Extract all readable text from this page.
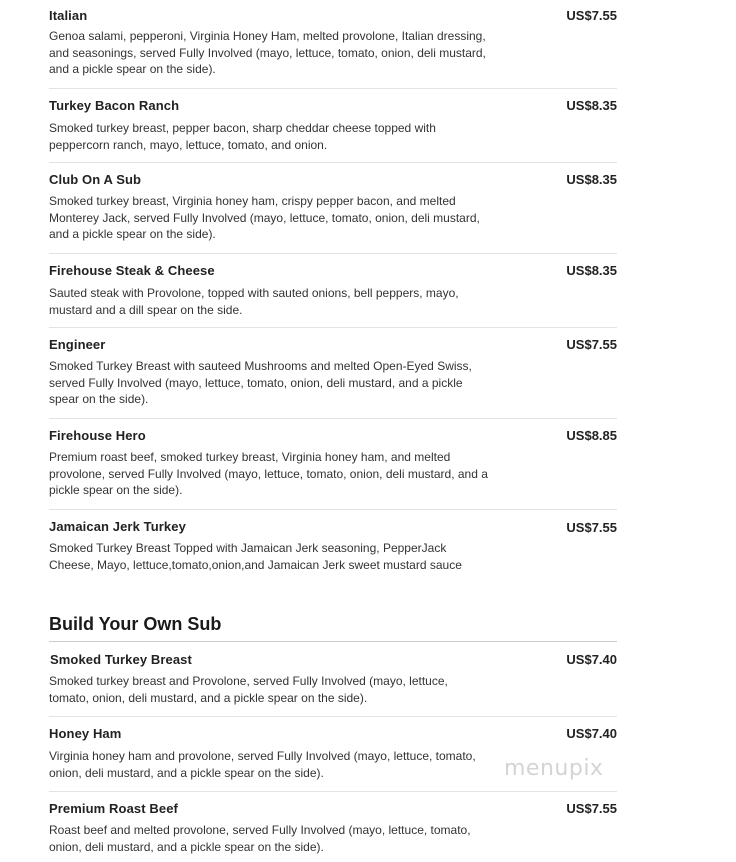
Italian	US$7.55

Genoa salami, pepperoni, Virginia Honey Ham, melted provolone, Italian dressing, and seasonings, served Fully Involved (mayo, lettuce, tomato, onion, deli mustard, and a pickle spear on the side).

Turkey Bacon Ranch	US$8.35

Smoked turkey breast, pepper bacon, sharp cheddar cheese topped with peppercorn ranch, mayo, lettuce, tomato, and onion.

Club On A Sub	US$8.35

Smoked turkey breast, Virginia honey ham, crispy pepper bacon, and melted Monterey Jack, served Fully Involved (mayo, lettuce, tomato, onion, deli mustard, and a pickle spear on the side).

Firehouse Steak & Cheese	US$8.35

Sauted steak with Provolone, topped with sauted onions, bell peppers, mayo, mustard and a dill spear on the side.

Engineer	US$7.55

Smoked Turkey Breast with sauteed Mushrooms and melted Open-Eyed Swiss, served Fully Involved (mayo, lettuce, tomato, onion, deli mustard, and a pickle spear on the side).

Firehouse Hero	US$8.85

Premium roast beef, smoked turkey breast, Virginia honey ham, and melted provolone, served Fully Involved (mayo, lettuce, tomato, onion, deli mustard, and a pickle spear on the side).

Jamaican Jerk Turkey	US$7.55

Smoked Turkey Breast Topped with Jamaican Jerk seasoning, PepperJack Cheese, Mayo, lettuce,tomato,onion,and Jamaican Jerk sweet mustard sauce

Build Your Own Sub
Smoked Turkey Breast	US$7.40

Smoked turkey breast and Provolone, served Fully Involved (mayo, lettuce, tomato, onion, deli mustard, and a pickle spear on the side).

Honey Ham	US$7.40

Virginia honey ham and provolone, served Fully Involved (mayo, lettuce, tomato, onion, deli mustard, and a pickle spear on the side).

Premium Roast Beef	US$7.55

Roast beef and melted provolone, served Fully Involved (mayo, lettuce, tomato, onion, deli mustard, and a pickle spear on the side).

menupix
